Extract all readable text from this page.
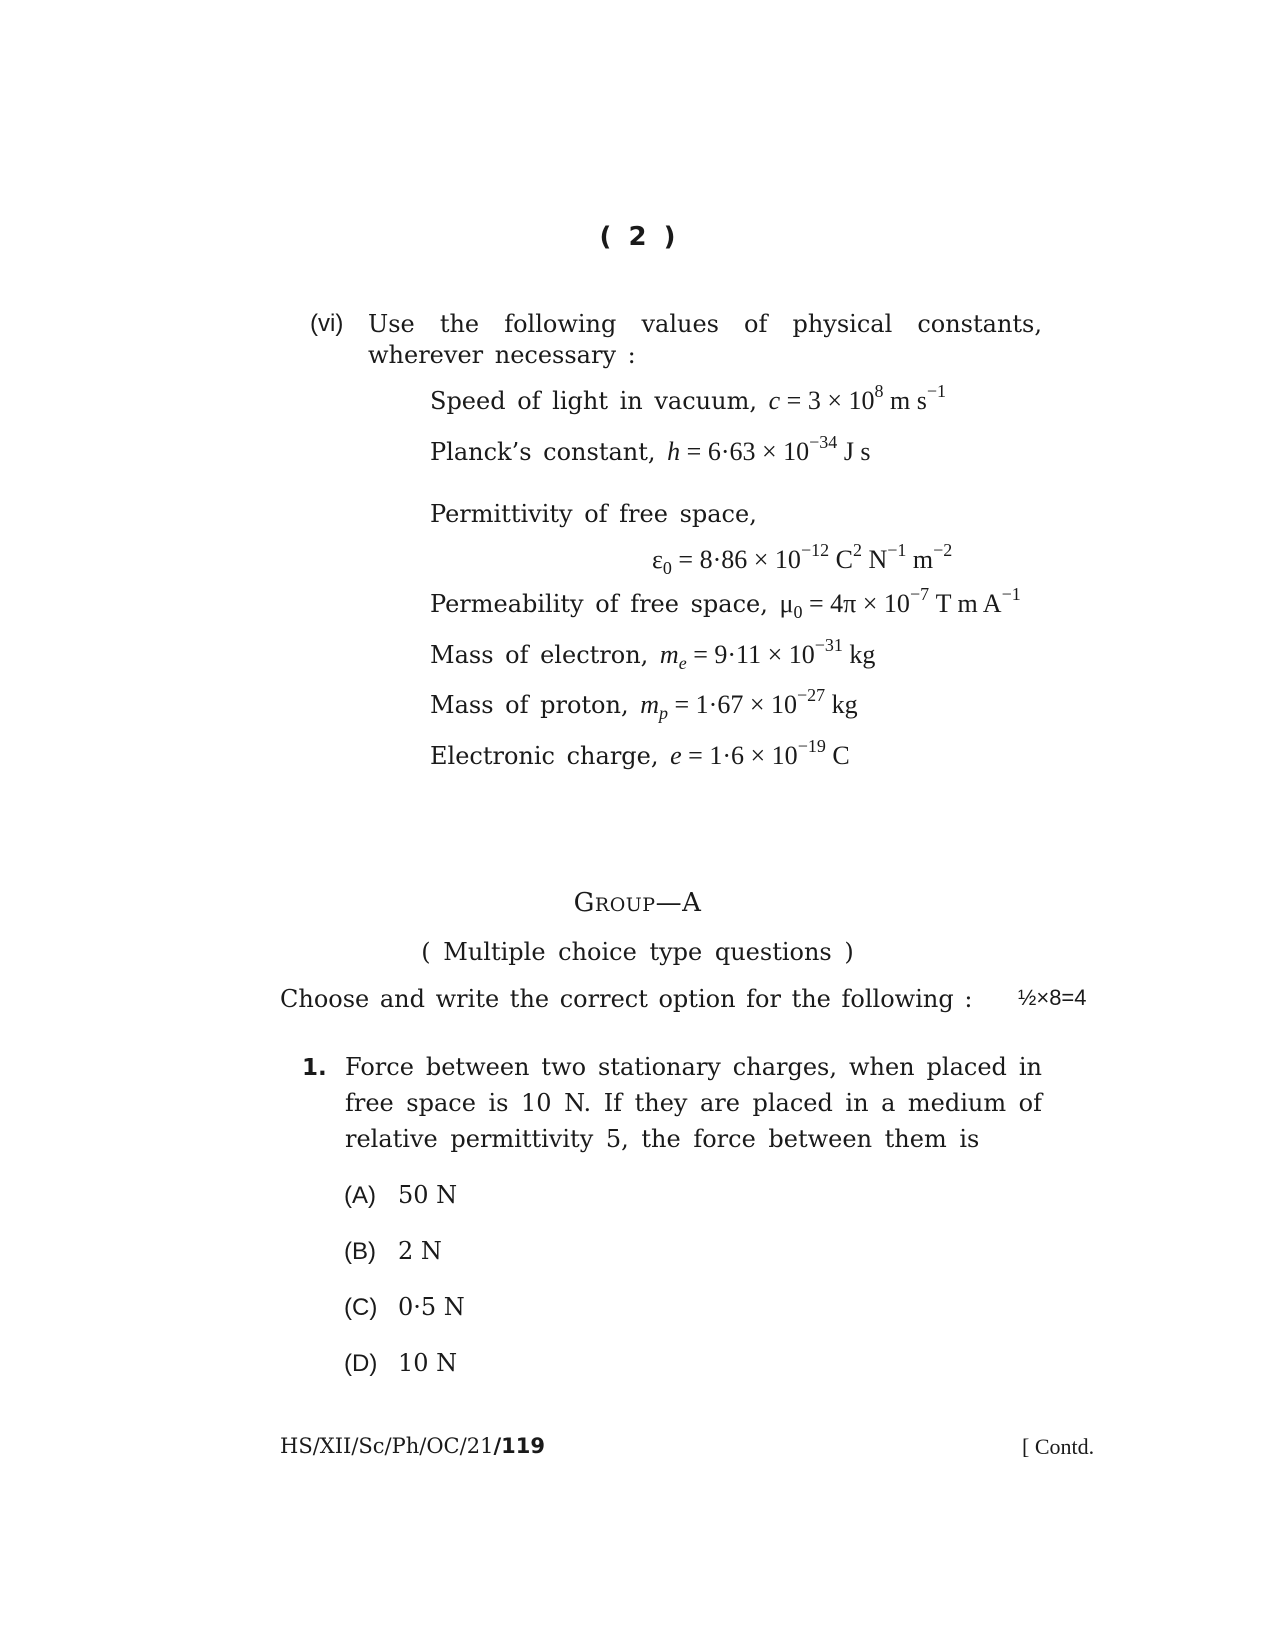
( 2 )
(vi) Use the following values of physical constants,
wherever necessary :
Speed of light in vacuum, $c = 3 \times 10^8$ m $s^{-1}$
Planck’s constant, $h = 6\cdot 63 \times 10^{-34}$ J s
Permittivity of free space,
$\varepsilon_0 = 8\cdot 86 \times 10^{-12}$ $C^2$ $N^{-1}$ $m^{-2}$
Permeability of free space, $\mu_0 = 4\pi \times 10^{-7}$ T m $A^{-1}$
Mass of electron, $m_e = 9\cdot 11 \times 10^{-31}$ kg
Mass of proton, $m_p = 1\cdot 67 \times 10^{-27}$ kg
Electronic charge, $e = 1\cdot 6 \times 10^{-19}$ C
GROUP—A
( Multiple choice type questions )
Choose and write the correct option for the following : ½×8=4
1. Force between two stationary charges, when placed in
free space is 10 N. If they are placed in a medium of
relative permittivity 5, the force between them is
(A) 50 N
(B) 2 N
(C) 0·5 N
(D) 10 N
HS/XII/Sc/Ph/OC/21/119	[ Contd.
